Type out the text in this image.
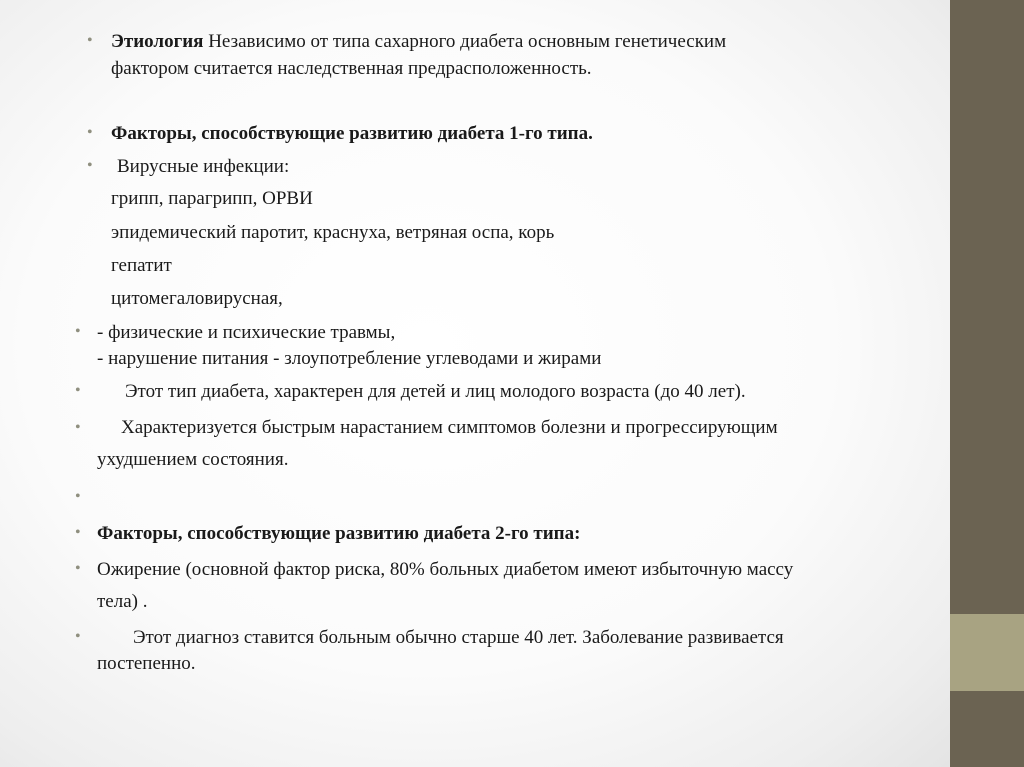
• Этиология Независимо от типа сахарного диабета основным генетическим
фактором считается наследственная предрасположенность.
• Факторы, способствующие развитию диабета 1-го типа.
• Вирусные инфекции:
грипп, парагрипп, ОРВИ
эпидемический паротит, краснуха, ветряная оспа, корь
гепатит
цитомегаловирусная,
• - физические и психические травмы,
- нарушение питания - злоупотребление углеводами и жирами
• Этот тип диабета, характерен для детей и лиц молодого возраста (до 40 лет).
• Характеризуется быстрым нарастанием симптомов болезни и прогрессирующим
ухудшением состояния.
•
• Факторы, способствующие развитию диабета 2-го типа:
• Ожирение (основной фактор риска, 80% больных диабетом имеют избыточную массу
тела) .
•	Этот диагноз ставится больным обычно старше 40 лет. Заболевание развивается
постепенно.
